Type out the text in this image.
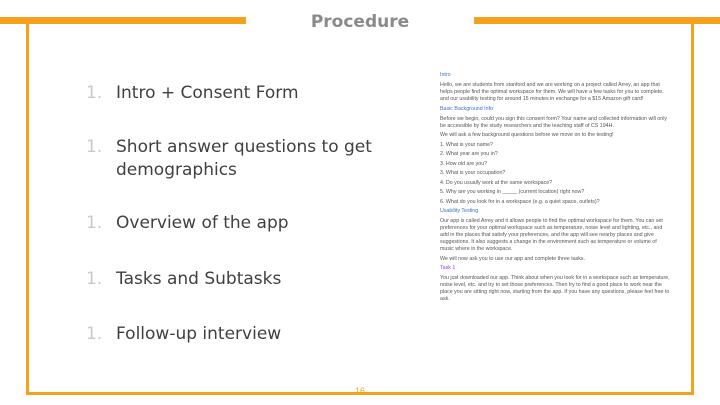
Procedure
1. Intro + Consent Form
1. Short answer questions to get demographics
1. Overview of the app
1. Tasks and Subtasks
1. Follow-up interview
Intro
Hello, we are students from stanford and we are working on a project called Arrey, an app that helps people find the optimal workspace for them. We will have a few tasks for you to complete, and our usability testing for around 15 minutes in exchange for a $15 Amazon gift card!
Basic Background Info
Before we begin, could you sign this consent form? Your name and collected information will only be accessible by the study researchers and the teaching staff of CS 194H.
We will ask a few background questions before we move on to the testing!
1. What is your name?
2. What year are you in?
3. How old are you?
3. What is your occupation?
4. Do you usually work at the same workspace?
5. Why are you working in _____ (current location) right now?
6. What do you look for in a workspace (e.g. a quiet space, outlets)?
Usability Testing
Our app is called Arrey and it allows people to find the optimal workspace for them. You can set preferences for your optimal workspace such as temperature, noise level and lighting, etc., and add in the places that satisfy your preferences, and the app will see nearby places and give suggestions. It also suggests a change in the environment such as temperature or volume of music where in the workspace.
We will now ask you to use our app and complete three tasks.
Task 1
You just downloaded our app. Think about when you look for in a workspace such as temperature, noise level, etc. and try to set those preferences. Then try to find a good place to work near the place you are sitting right now, starting from the app. If you have any questions, please feel free to ask.
16
